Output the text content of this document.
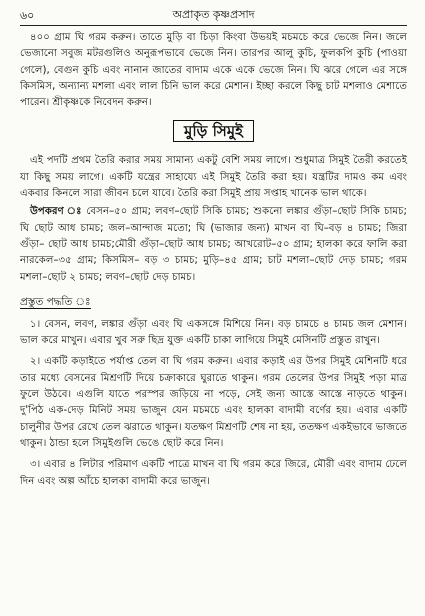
৬০	অপ্রাকৃত কৃষ্ণপ্রসাদ

৪০০ গ্রাম ঘি গরম করুন। তাতে মুড়ি বা চিড়া কিংবা উভয়ই মচমচে করে ভেজে নিন। জলে ভেজানো সবুজ মটরগুলিও অনুরূপভাবে ভেজে নিন। তারপর আলু কুচি, ফুলকপি কুচি (পাওয়া গেলে), বেগুন কুচি এবং নানান জাতের বাদাম একে একে ভেজে নিন। ঘি ঝরে গেলে এর সঙ্গে কিসমিস, অন্যান্য মশলা এবং লাল চিনি ভাল করে মেশান। ইচ্ছা করলে কিছু চাট মশলাও মেশাতে পারেন। শ্রীকৃষ্ণকে নিবেদন করুন।

মুড়ি সিমুই

এই পদটি প্রথম তৈরি করার সময় সামান্য একটু বেশি সময় লাগে। শুধুমাত্র সিমুই তৈরী করতেই যা কিছু সময় লাগে। একটি যন্ত্রের সাহায্যে এই সিমুই তৈরি করা হয়। যন্ত্রটির দামও কম এবং একবার কিনলে সারা জীবন চলে যাবে। তৈরি করা সিমুই প্রায় সপ্তাহ খানেক ভাল থাকে।

উপকরণ ঃ বেসন–৫০ গ্রাম; লবণ–ছোট সিকি চামচ; শুকনো লঙ্কার গুঁড়া–ছোট সিকি চামচ; ঘি ছোট আধ চামচ; জল–আন্দাজ মতো; ঘি (ভাজার জন্য) মাখন বা ঘি–বড় ৪ চামচ; জিরা গুঁড়া– ছোট আধ চামচ;মৌরী গুঁড়া–ছোট আধ চামচ; আখরোট–৫০ গ্রাম; হালকা করে ফালি করা নারকেল–৩৫ গ্রাম; কিসমিস– বড় ৩ চামচ; মুড়ি–৪৫ গ্রাম; চাট মশলা–ছোট দেড় চামচ; গরম মশলা–ছোট ২ চামচ; লবণ–ছোট দেড় চামচ।

প্রস্তুত পদ্ধতি ঃ

১। বেসন, লবণ, লঙ্কার গুঁড়া এবং ঘি একসঙ্গে মিশিয়ে নিন। বড় চামচে ৪ চামচ জল মেশান। ভাল করে মাখুন। এবার খুব সরু ছিদ্র যুক্ত একটি চাকা লাগিয়ে সিমুই মেসিনটি প্রস্তুত রাখুন।

২। একটি কড়াইতে পর্যাপ্ত তেল বা ঘি গরম করুন। এবার কড়াই এর উপর সিমুই মেশিনটি ধরে তার মধ্যে বেসনের মিশ্রণটি দিয়ে চক্রাকারে ঘুরাতে থাকুন। গরম তেলের উপর সিমুই পড়া মাত্র ফুলে উঠবে। এগুলি যাতে পরস্পর জড়িয়ে না পড়ে, সেই জন্য আস্তে আস্তে নাড়তে থাকুন। দু'পিঠ এক-দেড় মিনিট সময় ভাজুন যেন মচমচে এবং হালকা বাদামী বর্ণের হয়। এবার একটি চালুনীর উপর রেখে তেল ঝরাতে থাকুন। যতক্ষণ মিশ্রণটি শেষ না হয়, ততক্ষণ একইভাবে ভাজতে থাকুন। ঠান্ডা হলে সিমুইগুলি ভেঙে ছোট করে নিন।

৩। এবার ৪ লিটার পরিমাণ একটি পাত্রে মাখন বা ঘি গরম করে জিরে, মৌরী এবং বাদাম ঢেলে দিন এবং অল্প আঁচে হালকা বাদামী করে ভাজুন।
